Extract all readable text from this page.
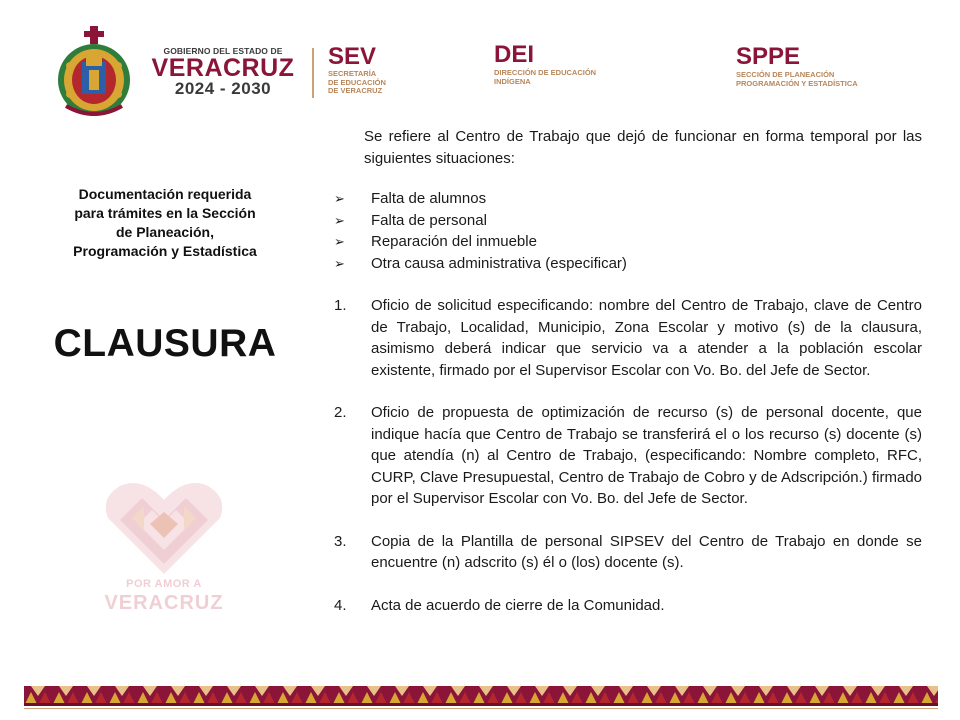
GOBIERNO DEL ESTADO DE
VERACRUZ
2024 - 2030
SEV
SECRETARÍA
DE EDUCACIÓN
DE VERACRUZ
DEI
DIRECCIÓN DE EDUCACIÓN
INDÍGENA
SPPE
SECCIÓN DE PLANEACIÓN
PROGRAMACIÓN Y ESTADÍSTICA
Documentación requerida
para trámites en la Sección
de Planeación,
Programación y Estadística
CLAUSURA
POR AMOR A
VERACRUZ

Se refiere al Centro de Trabajo que dejó de funcionar en forma temporal por las siguientes situaciones:

➢	Falta de alumnos
➢	Falta de personal
➢	Reparación del inmueble
➢	Otra causa administrativa (especificar)
1.	Oficio de solicitud especificando: nombre del Centro de Trabajo, clave de Centro de Trabajo, Localidad, Municipio, Zona Escolar y motivo (s) de la clausura, asimismo deberá indicar que servicio va a atender a la población escolar existente, firmado por el Supervisor Escolar con Vo. Bo. del Jefe de Sector.
2.	Oficio de propuesta de optimización de recurso (s) de personal docente, que indique hacía que Centro de Trabajo se transferirá el o los recurso (s) docente (s) que atendía (n) al Centro de Trabajo, (especificando: Nombre completo, RFC, CURP, Clave Presupuestal, Centro de Trabajo de Cobro y de Adscripción.) firmado por el Supervisor Escolar con Vo. Bo. del Jefe de Sector.
3.	Copia de la Plantilla de personal SIPSEV del Centro de Trabajo en donde se encuentre (n) adscrito (s) él o (los) docente (s).
4.	Acta de acuerdo de cierre de la Comunidad.
